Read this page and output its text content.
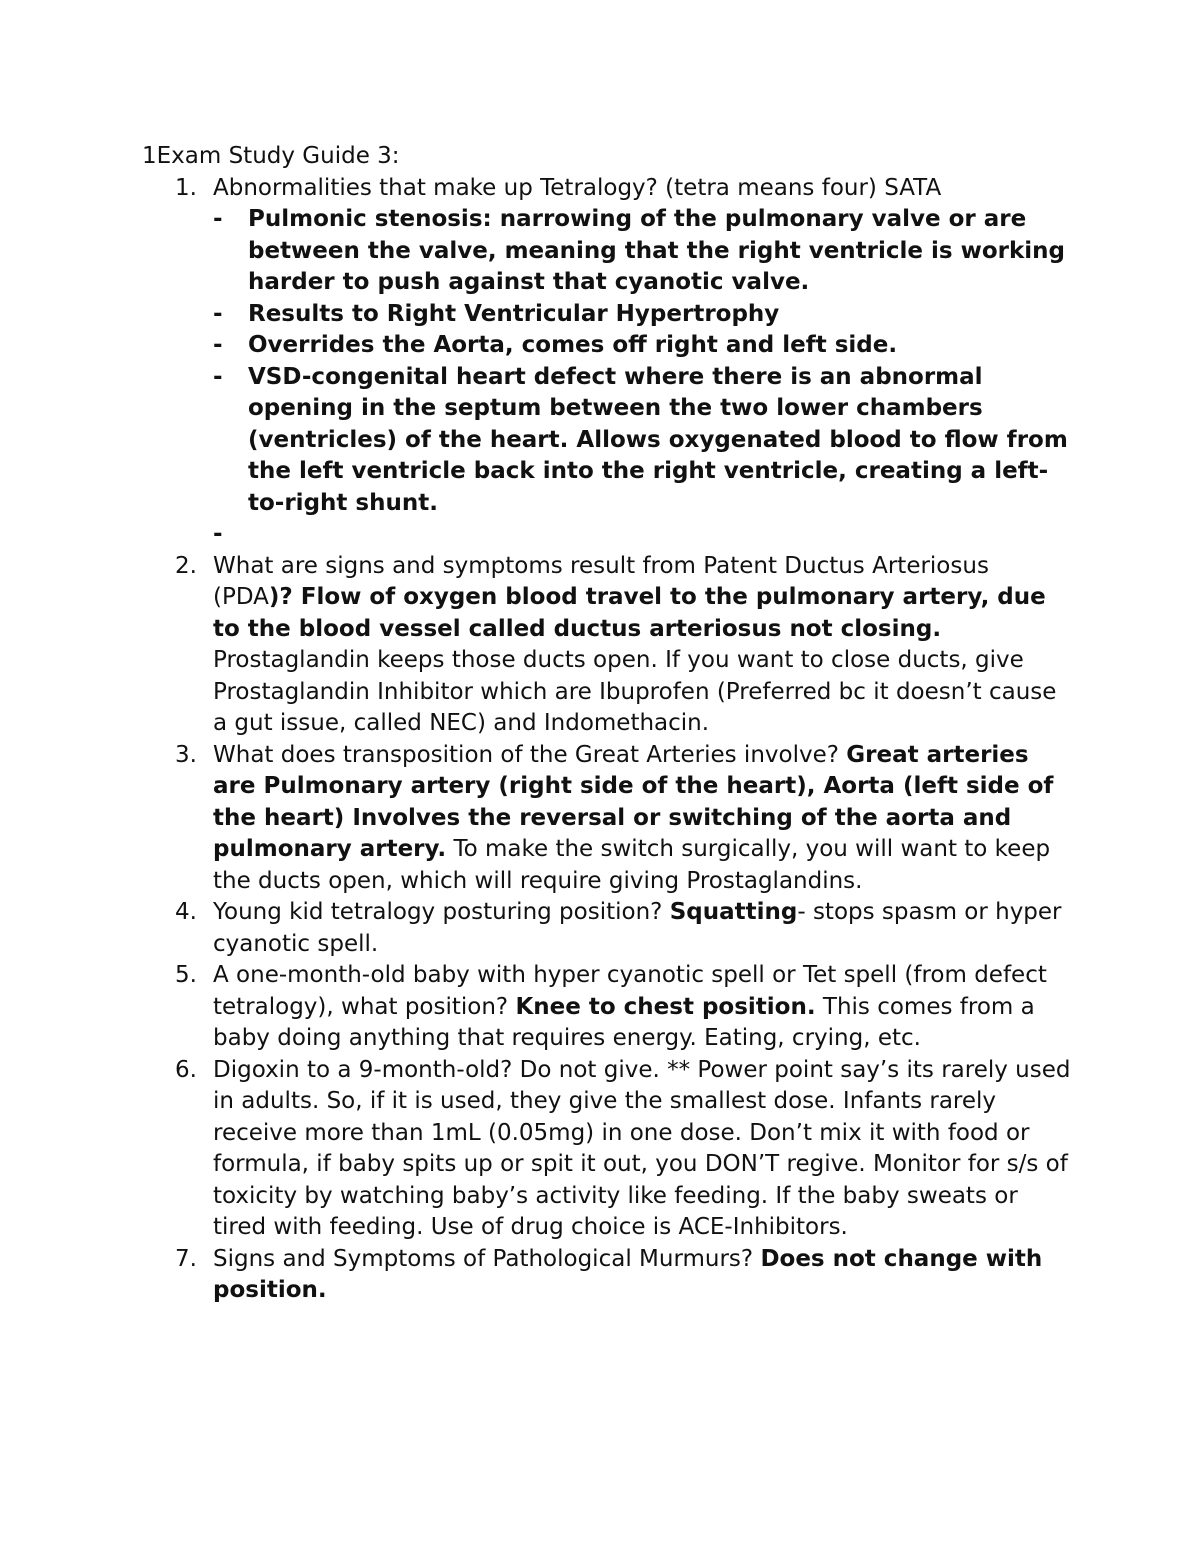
1Exam Study Guide 3:
1. Abnormalities that make up Tetralogy? (tetra means four) SATA
- Pulmonic stenosis: narrowing of the pulmonary valve or are between the valve, meaning that the right ventricle is working harder to push against that cyanotic valve.
- Results to Right Ventricular Hypertrophy
- Overrides the Aorta, comes off right and left side.
- VSD-congenital heart defect where there is an abnormal opening in the septum between the two lower chambers (ventricles) of the heart. Allows oxygenated blood to flow from the left ventricle back into the right ventricle, creating a left-to-right shunt.
-
2. What are signs and symptoms result from Patent Ductus Arteriosus (PDA)? Flow of oxygen blood travel to the pulmonary artery, due to the blood vessel called ductus arteriosus not closing. Prostaglandin keeps those ducts open. If you want to close ducts, give Prostaglandin Inhibitor which are Ibuprofen (Preferred bc it doesn’t cause a gut issue, called NEC) and Indomethacin.
3. What does transposition of the Great Arteries involve? Great arteries are Pulmonary artery (right side of the heart), Aorta (left side of the heart) Involves the reversal or switching of the aorta and pulmonary artery. To make the switch surgically, you will want to keep the ducts open, which will require giving Prostaglandins.
4. Young kid tetralogy posturing position? Squatting- stops spasm or hyper cyanotic spell.
5. A one-month-old baby with hyper cyanotic spell or Tet spell (from defect tetralogy), what position? Knee to chest position. This comes from a baby doing anything that requires energy. Eating, crying, etc.
6. Digoxin to a 9-month-old? Do not give. ** Power point say’s its rarely used in adults. So, if it is used, they give the smallest dose. Infants rarely receive more than 1mL (0.05mg) in one dose. Don’t mix it with food or formula, if baby spits up or spit it out, you DON’T regive. Monitor for s/s of toxicity by watching baby’s activity like feeding. If the baby sweats or tired with feeding. Use of drug choice is ACE-Inhibitors.
7. Signs and Symptoms of Pathological Murmurs? Does not change with position.
